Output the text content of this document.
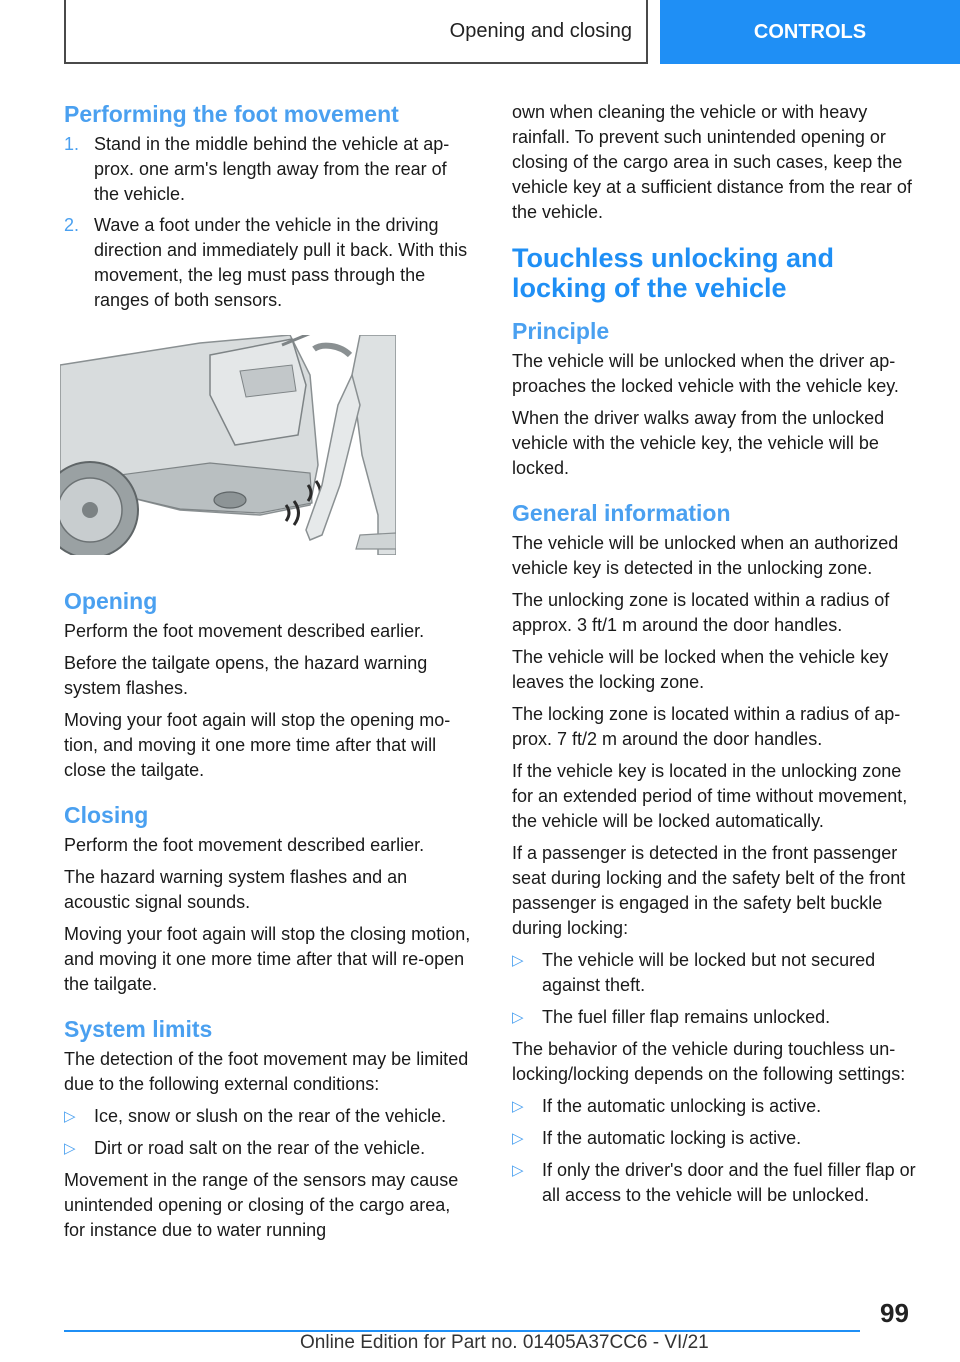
Opening and closing	CONTROLS
Performing the foot movement
1. Stand in the middle behind the vehicle at approx. one arm's length away from the rear of the vehicle.
2. Wave a foot under the vehicle in the driving direction and immediately pull it back. With this movement, the leg must pass through the ranges of both sensors.
Opening

Perform the foot movement described earlier.

Before the tailgate opens, the hazard warning system flashes.

Moving your foot again will stop the opening motion, and moving it one more time after that will close the tailgate.

Closing

Perform the foot movement described earlier.

The hazard warning system flashes and an acoustic signal sounds.

Moving your foot again will stop the closing motion, and moving it one more time after that will re-open the tailgate.

System limits

The detection of the foot movement may be limited due to the following external conditions:

▷	Ice, snow or slush on the rear of the vehicle.
▷	Dirt or road salt on the rear of the vehicle.

Movement in the range of the sensors may cause unintended opening or closing of the cargo area, for instance due to water running

own when cleaning the vehicle or with heavy rainfall. To prevent such unintended opening or closing of the cargo area in such cases, keep the vehicle key at a sufficient distance from the rear of the vehicle.

Touchless unlocking and locking of the vehicle
Principle

The vehicle will be unlocked when the driver approaches the locked vehicle with the vehicle key.

When the driver walks away from the unlocked vehicle with the vehicle key, the vehicle will be locked.

General information

The vehicle will be unlocked when an authorized vehicle key is detected in the unlocking zone.

The unlocking zone is located within a radius of approx. 3 ft/1 m around the door handles.

The vehicle will be locked when the vehicle key leaves the locking zone.

The locking zone is located within a radius of approx. 7 ft/2 m around the door handles.

If the vehicle key is located in the unlocking zone for an extended period of time without movement, the vehicle will be locked automatically.

If a passenger is detected in the front passenger seat during locking and the safety belt of the front passenger is engaged in the safety belt buckle during locking:

▷	The vehicle will be locked but not secured against theft.
▷	The fuel filler flap remains unlocked.

The behavior of the vehicle during touchless unlocking/locking depends on the following settings:

▷	If the automatic unlocking is active.
▷	If the automatic locking is active.
▷	If only the driver's door and the fuel filler flap or all access to the vehicle will be unlocked.
99
Online Edition for Part no. 01405A37CC6 - VI/21
